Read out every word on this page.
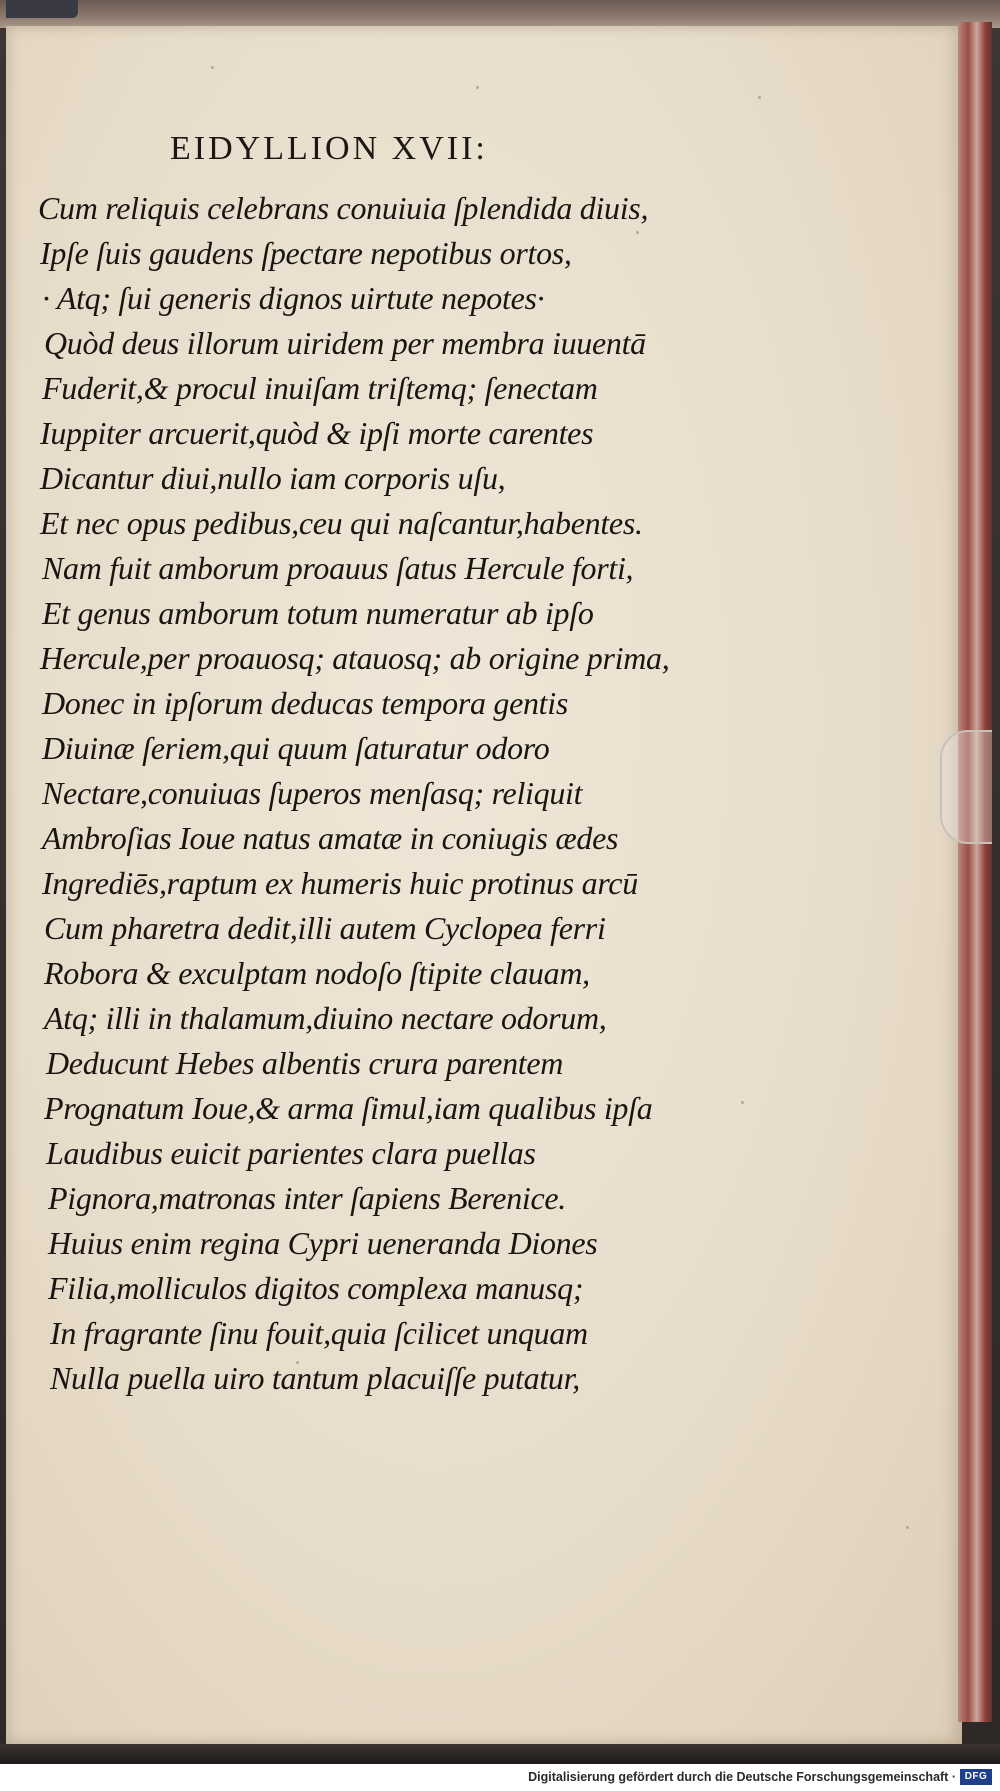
EIDYLLION XVII:
Cum reliquis celebrans conuiuia ſplendida diuis,
Ipſe ſuis gaudens ſpectare nepotibus ortos,
· Atq; ſui generis dignos uirtute nepotes·
Quòd deus illorum uiridem per membra iuuentā
Fuderit,& procul inuiſam triſtemq; ſenectam
Iuppiter arcuerit,quòd & ipſi morte carentes
Dicantur diui,nullo iam corporis uſu,
Et nec opus pedibus,ceu qui naſcantur,habentes.
Nam fuit amborum proauus ſatus Hercule forti,
Et genus amborum totum numeratur ab ipſo
Hercule,per proauosq; atauosq; ab origine prima,
Donec in ipſorum deducas tempora gentis
Diuinæ ſeriem,qui quum ſaturatur odoro
Nectare,conuiuas ſuperos menſasq; reliquit
Ambroſias Ioue natus amatæ in coniugis ædes
Ingrediēs,raptum ex humeris huic protinus arcū
Cum pharetra dedit,illi autem Cyclopea ferri
Robora & exculptam nodoſo ſtipite clauam,
Atq; illi in thalamum,diuino nectare odorum,
Deducunt Hebes albentis crura parentem
Prognatum Ioue,& arma ſimul,iam qualibus ipſa
Laudibus euicit parientes clara puellas
Pignora,matronas inter ſapiens Berenice.
Huius enim regina Cypri ueneranda Diones
Filia,molliculos digitos complexa manusq;
In fragrante ſinu fouit,quia ſcilicet unquam
Nulla puella uiro tantum placuiſſe putatur,
Digitalisierung gefördert durch die Deutsche Forschungsgemeinschaft · DFG
